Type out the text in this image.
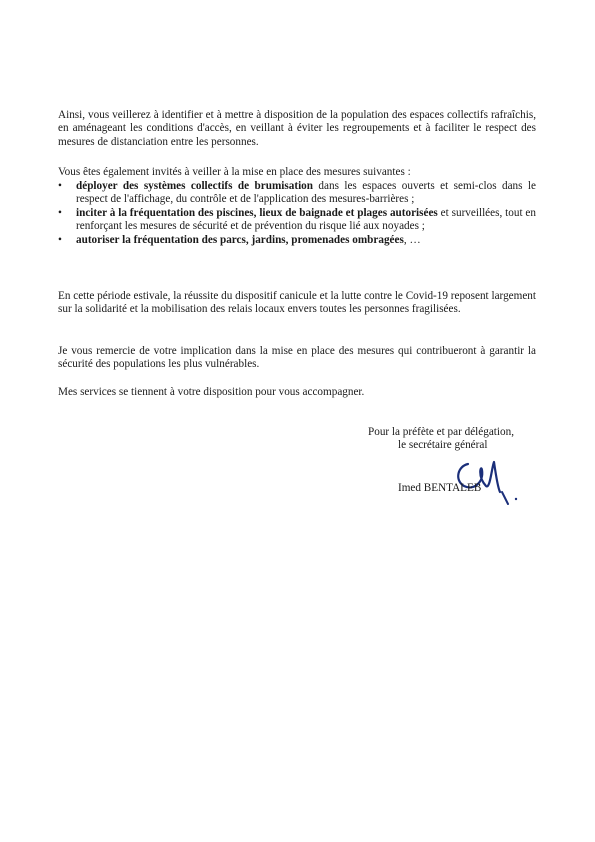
Ainsi, vous veillerez à identifier et à mettre à disposition de la population des espaces collectifs rafraîchis, en aménageant les conditions d'accès, en veillant à éviter les regroupements et à faciliter le respect des mesures de distanciation entre les personnes.

Vous êtes également invités à veiller à la mise en place des mesures suivantes :

• déployer des systèmes collectifs de brumisation dans les espaces ouverts et semi-clos dans le respect de l'affichage, du contrôle et de l'application des mesures-barrières ;
• inciter à la fréquentation des piscines, lieux de baignade et plages autorisées et surveillées, tout en renforçant les mesures de sécurité et de prévention du risque lié aux noyades ;
• autoriser la fréquentation des parcs, jardins, promenades ombragées, …

En cette période estivale, la réussite du dispositif canicule et la lutte contre le Covid-19 reposent largement sur la solidarité et la mobilisation des relais locaux envers toutes les personnes fragilisées.

Je vous remercie de votre implication dans la mise en place des mesures qui contribueront à garantir la sécurité des populations les plus vulnérables.

Mes services se tiennent à votre disposition pour vous accompagner.

Pour la préfète et par délégation,
le secrétaire général
Imed BENTALEB
